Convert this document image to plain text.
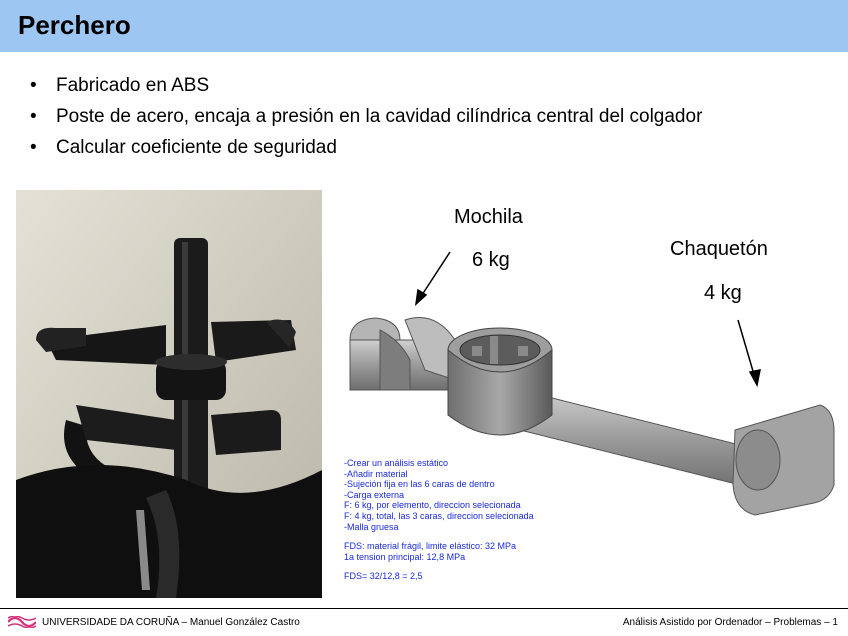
Perchero
• Fabricado en ABS
• Poste de acero, encaja a presión en la cavidad cilíndrica central del colgador
• Calcular coeficiente de seguridad
Mochila
6 kg	Chaquetón
4 kg

-Crear un análisis estático

-Añadir material

-Sujeción fija en las 6 caras de dentro

-Carga externa

F: 6 kg, por elemento, direccion selecionada

F: 4 kg, total, las 3 caras, direccion selecionada

-Malla gruesa

FDS: material frágil, limite elástico: 32 MPa

1a tension principal: 12,8 MPa

FDS= 32/12,8 = 2,5

UNIVERSIDADE DA CORUÑA – Manuel González Castro	Análisis Asistido por Ordenador – Problemas – 1
